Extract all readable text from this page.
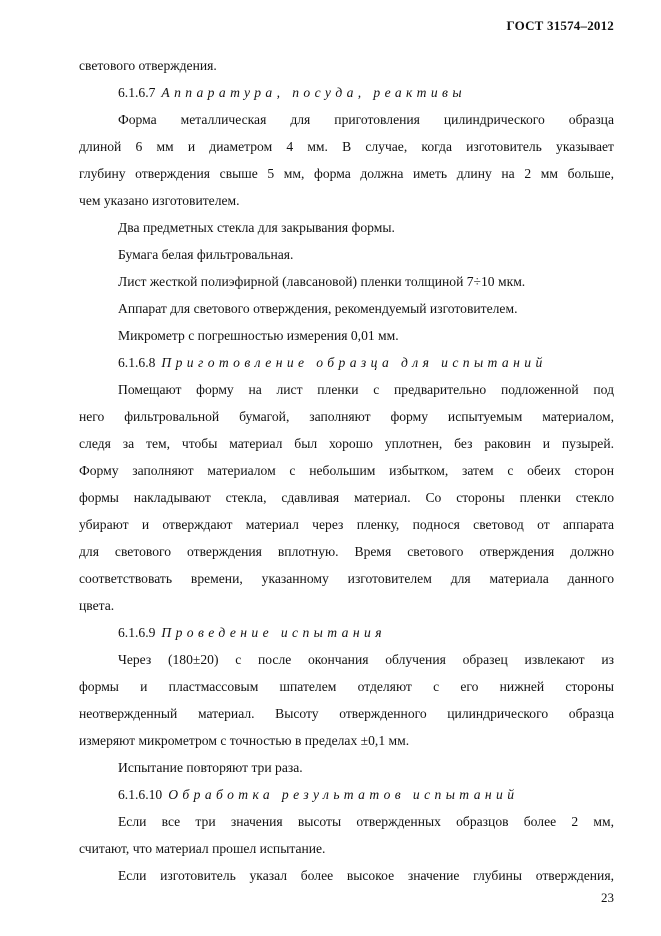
ГОСТ 31574–2012
светового отверждения.
6.1.6.7 Аппаратура, посуда, реактивы
Форма металлическая для приготовления цилиндрического образца
длиной 6 мм и диаметром 4 мм. В случае, когда изготовитель указывает
глубину отверждения свыше 5 мм, форма должна иметь длину на 2 мм больше,
чем указано изготовителем.
Два предметных стекла для закрывания формы.
Бумага белая фильтровальная.
Лист жесткой полиэфирной (лавсановой) пленки толщиной 7÷10 мкм.
Аппарат для светового отверждения, рекомендуемый изготовителем.
Микрометр с погрешностью измерения 0,01 мм.
6.1.6.8 Приготовление образца для испытаний
Помещают форму на лист пленки с предварительно подложенной под
него фильтровальной бумагой, заполняют форму испытуемым материалом,
следя за тем, чтобы материал был хорошо уплотнен, без раковин и пузырей.
Форму заполняют материалом с небольшим избытком, затем с обеих сторон
формы накладывают стекла, сдавливая материал. Со стороны пленки стекло
убирают и отверждают материал через пленку, поднося световод от аппарата
для светового отверждения вплотную. Время светового отверждения должно
соответствовать времени, указанному изготовителем для материала данного
цвета.
6.1.6.9 Проведение испытания
Через (180±20) с после окончания облучения образец извлекают из
формы и пластмассовым шпателем отделяют с его нижней стороны
неотвержденный материал. Высоту отвержденного цилиндрического образца
измеряют микрометром с точностью в пределах ±0,1 мм.
Испытание повторяют три раза.
6.1.6.10 Обработка результатов испытаний
Если все три значения высоты отвержденных образцов более 2 мм,
считают, что материал прошел испытание.
Если изготовитель указал более высокое значение глубины отверждения,
23
